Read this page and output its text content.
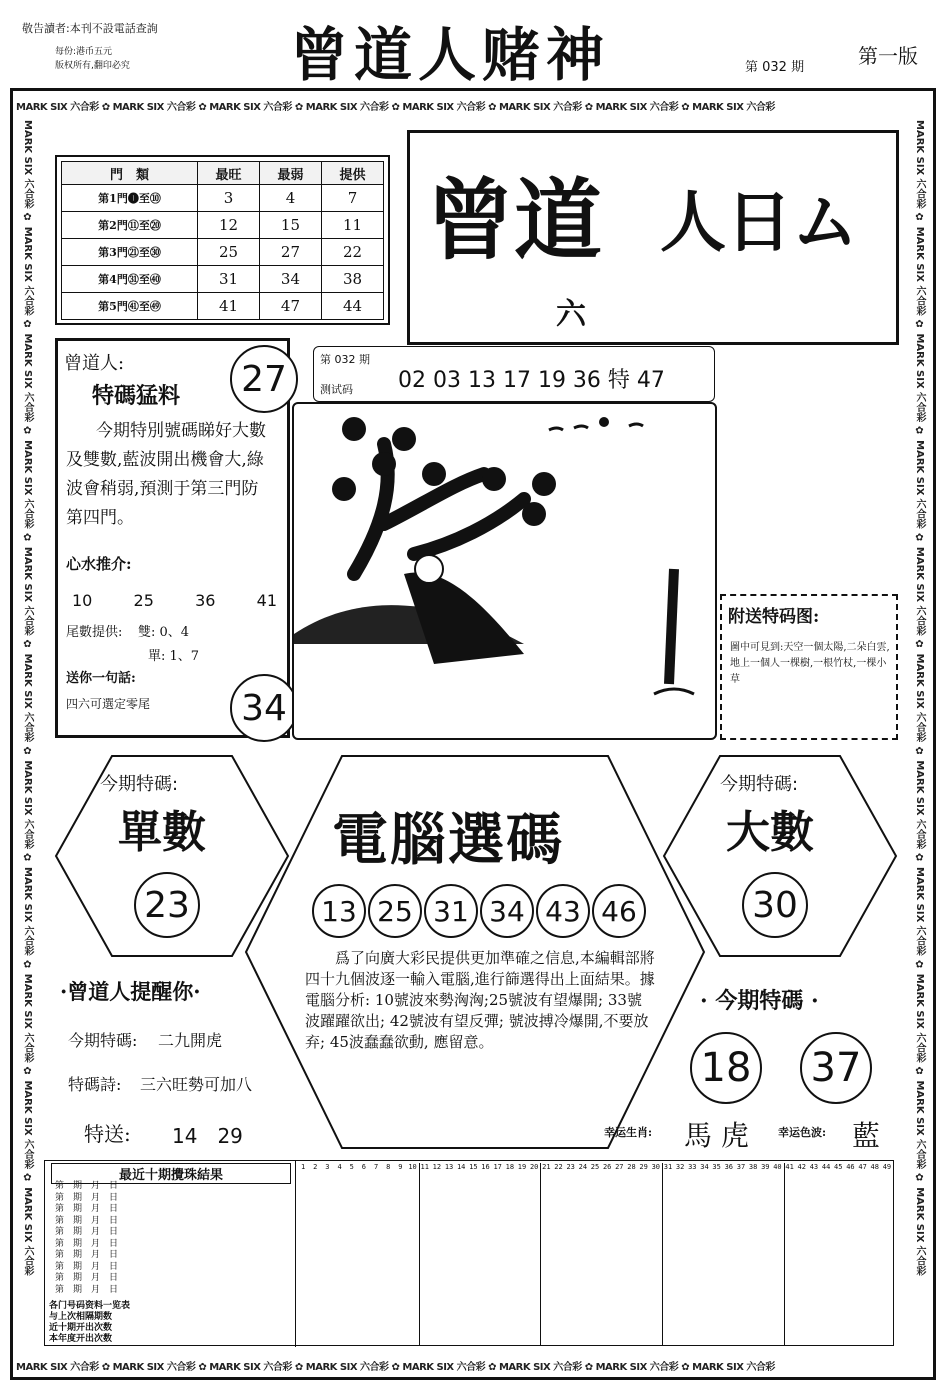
敬告讀者:本刊不設電話查詢
每份:港币五元
版权所有,翻印必究	曾道人赌神	第 032 期	第一版
MARK SIX 六合彩 ✿ MARK SIX 六合彩 ✿ MARK SIX 六合彩 ✿ MARK SIX 六合彩 ✿ MARK SIX 六合彩 ✿ MARK SIX 六合彩 ✿ MARK SIX 六合彩 ✿ MARK SIX 六合彩
MARK SIX 六合彩 ✿ MARK SIX 六合彩 ✿ MARK SIX 六合彩 ✿ MARK SIX 六合彩 ✿ MARK SIX 六合彩 ✿ MARK SIX 六合彩 ✿ MARK SIX 六合彩 ✿ MARK SIX 六合彩
MARK SIX 六合彩 ✿ MARK SIX 六合彩 ✿ MARK SIX 六合彩 ✿ MARK SIX 六合彩 ✿ MARK SIX 六合彩 ✿ MARK SIX 六合彩 ✿ MARK SIX 六合彩 ✿ MARK SIX 六合彩 ✿ MARK SIX 六合彩 ✿ MARK SIX 六合彩 ✿ MARK SIX 六合彩
MARK SIX 六合彩 ✿ MARK SIX 六合彩 ✿ MARK SIX 六合彩 ✿ MARK SIX 六合彩 ✿ MARK SIX 六合彩 ✿ MARK SIX 六合彩 ✿ MARK SIX 六合彩 ✿ MARK SIX 六合彩 ✿ MARK SIX 六合彩 ✿ MARK SIX 六合彩 ✿ MARK SIX 六合彩
門　類	最旺	最弱	提供
第1門❶至⑩	3	4	7
第2門⑪至⑳	12	15	11
第3門㉑至㉚	25	27	22
第4門㉛至㊵	31	34	38
第5門㊶至㊾	41	47	44
曾道 人日ム
六
第 032 期
测试码 02 03 13 17 19 36 特 47
曾道人:
特碼猛料
今期特別號碼睇好大數及雙數,藍波開出機會大,綠波會稍弱,預測于第三門防第四門。
心水推介:
10	25	36	41
尾數提供: 雙: 0、4
單: 1、7
送你一句話:
四六可選定零尾
27
34
附送特码图:
圖中可見到:天空一個太陽,二朵白雲,地上一個人一棵樹,一根竹杖,一棵小草
今期特碼:
單數
23
今期特碼:
大數
30
電腦選碼
13 25 31 34 43 46
爲了向廣大彩民提供更加準確之信息,本編輯部將四十九個波逐一輸入電腦,進行篩選得出上面結果。據電腦分析: 10號波來勢洶洶;25號波有望爆開; 33號波躍躍欲出; 42號波有望反彈; 號波搏冷爆開,不要放弃; 45波蠢蠢欲動, 應留意。
·曾道人提醒你·
今期特碼: 二九開虎
特碼詩: 三六旺勢可加八
特送: 14　29
· 今期特碼 ·
18 37
幸运生肖: 馬 虎	幸运色波: 藍
最近十期攪珠結果
第　期　月　日
第　期　月　日
第　期　月　日
第　期　月　日
第　期　月　日
第　期　月　日
第　期　月　日
第　期　月　日
第　期　月　日
第　期　月　日
各门号码资料一览表
与上次相隔期数
近十期开出次数
本年度开出次数
1	2	3	4	5	6	7	8	9 10 11 12 13 14 15 16 17 18 19 20 21 22 23 24 25 26 27 28 29 30 31 32 33 34 35 36 37 38 39 40 41 42 43 44 45 46 47 48 49
